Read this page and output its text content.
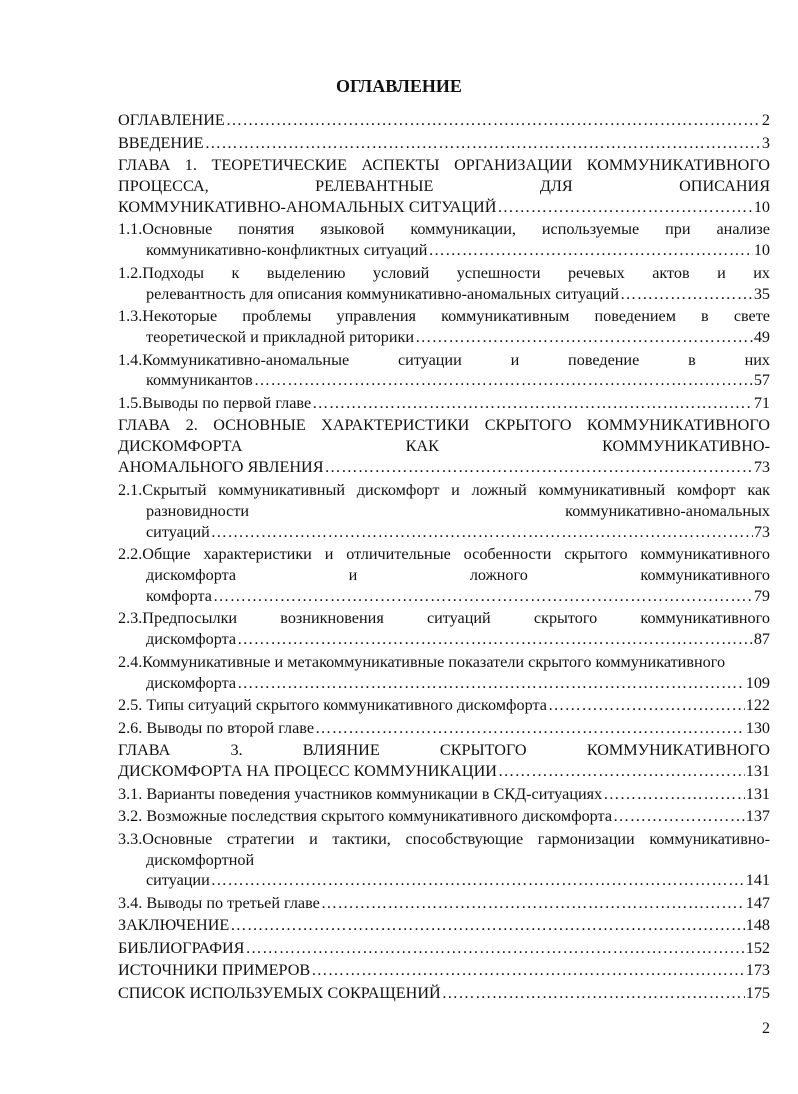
ОГЛАВЛЕНИЕ
ОГЛАВЛЕНИЕ ………………………………………………………………………………………………………………………………………………………	2
ВВЕДЕНИЕ ………………………………………………………………………………………………………………………………………………………	3
ГЛАВА 1. ТЕОРЕТИЧЕСКИЕ АСПЕКТЫ ОРГАНИЗАЦИИ КОММУНИКАТИВНОГО ПРОЦЕССА, РЕЛЕВАНТНЫЕ ДЛЯ ОПИСАНИЯ
КОММУНИКАТИВНО-АНОМАЛЬНЫХ СИТУАЦИЙ ………………………………………………………………………………………………………………………………………………………	10
1.1.Основные понятия языковой коммуникации, используемые при анализе
коммуникативно-конфликтных ситуаций ………………………………………………………………………………………………………………………………………………………	10
1.2.Подходы к выделению условий успешности речевых актов и их
релевантность для описания коммуникативно-аномальных ситуаций ………………………………………………………………………………………………………………………………………………………	35
1.3.Некоторые проблемы управления коммуникативным поведением в свете
теоретической и прикладной риторики ………………………………………………………………………………………………………………………………………………………	49
1.4.Коммуникативно-аномальные ситуации и поведение в них
коммуникантов ………………………………………………………………………………………………………………………………………………………	57
1.5.Выводы по первой главе ………………………………………………………………………………………………………………………………………………………	71
ГЛАВА 2. ОСНОВНЫЕ ХАРАКТЕРИСТИКИ СКРЫТОГО КОММУНИКАТИВНОГО ДИСКОМФОРТА КАК КОММУНИКАТИВНО-
АНОМАЛЬНОГО ЯВЛЕНИЯ ………………………………………………………………………………………………………………………………………………………	73
2.1.Скрытый коммуникативный дискомфорт и ложный коммуникативный комфорт как разновидности коммуникативно-аномальных
ситуаций ………………………………………………………………………………………………………………………………………………………	73
2.2.Общие характеристики и отличительные особенности скрытого коммуникативного дискомфорта и ложного коммуникативного
комфорта ………………………………………………………………………………………………………………………………………………………	79
2.3.Предпосылки возникновения ситуаций скрытого коммуникативного
дискомфорта ………………………………………………………………………………………………………………………………………………………	87
2.4.Коммуникативные и метакоммуникативные показатели скрытого коммуникативного
дискомфорта ………………………………………………………………………………………………………………………………………………………	109
2.5. Типы ситуаций скрытого коммуникативного дискомфорта ………………………………………………………………………………………………………………………………………………………	122
2.6. Выводы по второй главе ………………………………………………………………………………………………………………………………………………………	130
ГЛАВА 3. ВЛИЯНИЕ СКРЫТОГО КОММУНИКАТИВНОГО
ДИСКОМФОРТА НА ПРОЦЕСС КОММУНИКАЦИИ ………………………………………………………………………………………………………………………………………………………	131
3.1. Варианты поведения участников коммуникации в СКД-ситуациях ………………………………………………………………………………………………………………………………………………………	131
3.2. Возможные последствия скрытого коммуникативного дискомфорта ………………………………………………………………………………………………………………………………………………………	137
3.3.Основные стратегии и тактики, способствующие гармонизации коммуникативно-дискомфортной
ситуации ………………………………………………………………………………………………………………………………………………………	141
3.4. Выводы по третьей главе ………………………………………………………………………………………………………………………………………………………	147
ЗАКЛЮЧЕНИЕ ………………………………………………………………………………………………………………………………………………………	148
БИБЛИОГРАФИЯ ………………………………………………………………………………………………………………………………………………………	152
ИСТОЧНИКИ ПРИМЕРОВ ………………………………………………………………………………………………………………………………………………………	173
СПИСОК ИСПОЛЬЗУЕМЫХ СОКРАЩЕНИЙ ………………………………………………………………………………………………………………………………………………………	175
2
